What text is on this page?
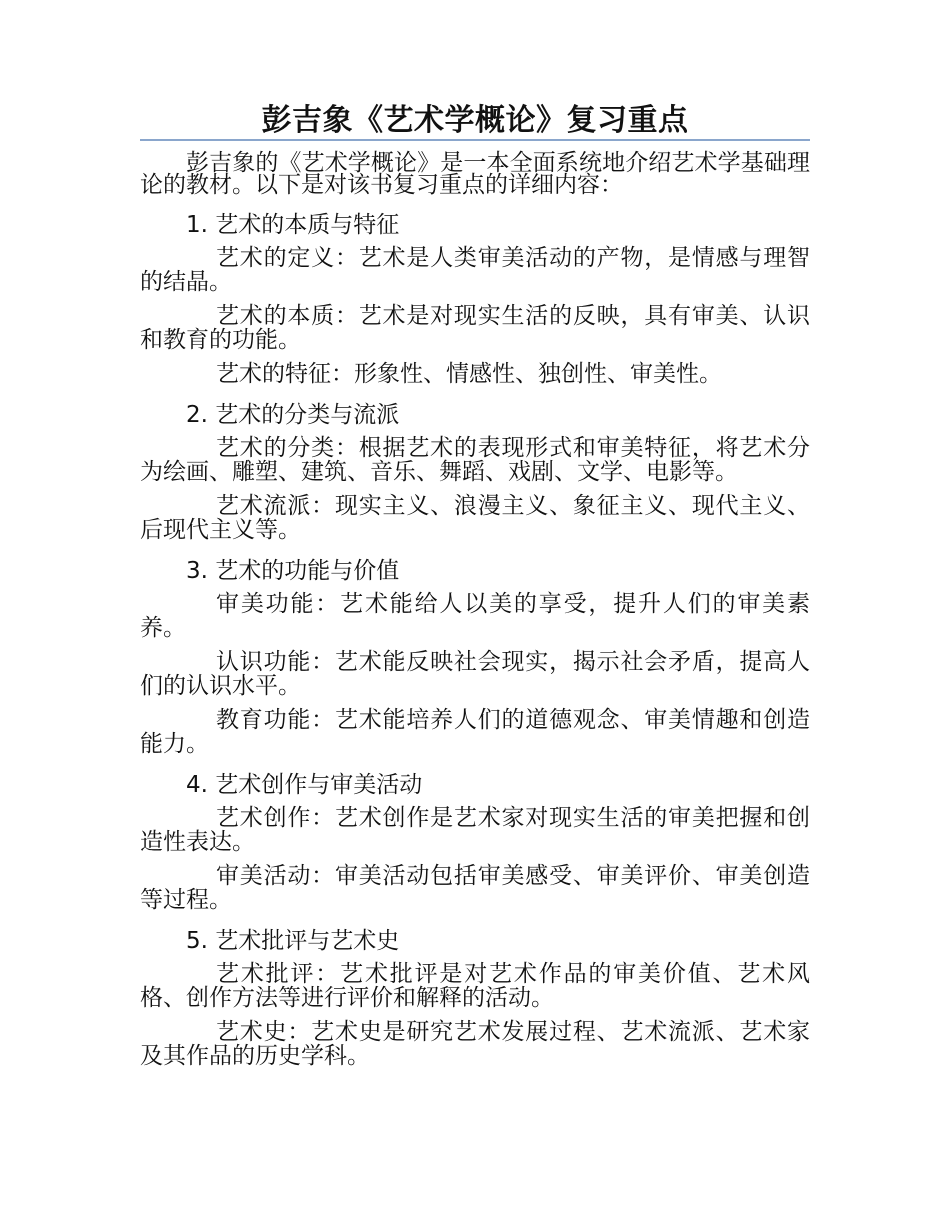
彭吉象《艺术学概论》复习重点

彭吉象的《艺术学概论》是一本全面系统地介绍艺术学基础理论的教材。以下是对该书复习重点的详细内容：

1. 艺术的本质与特征

艺术的定义：艺术是人类审美活动的产物，是情感与理智的结晶。

艺术的本质：艺术是对现实生活的反映，具有审美、认识和教育的功能。

艺术的特征：形象性、情感性、独创性、审美性。

2. 艺术的分类与流派

艺术的分类：根据艺术的表现形式和审美特征，将艺术分为绘画、雕塑、建筑、音乐、舞蹈、戏剧、文学、电影等。

艺术流派：现实主义、浪漫主义、象征主义、现代主义、后现代主义等。

3. 艺术的功能与价值

审美功能：艺术能给人以美的享受，提升人们的审美素养。

认识功能：艺术能反映社会现实，揭示社会矛盾，提高人们的认识水平。

教育功能：艺术能培养人们的道德观念、审美情趣和创造能力。

4. 艺术创作与审美活动

艺术创作：艺术创作是艺术家对现实生活的审美把握和创造性表达。

审美活动：审美活动包括审美感受、审美评价、审美创造等过程。

5. 艺术批评与艺术史

艺术批评：艺术批评是对艺术作品的审美价值、艺术风格、创作方法等进行评价和解释的活动。

艺术史：艺术史是研究艺术发展过程、艺术流派、艺术家及其作品的历史学科。
